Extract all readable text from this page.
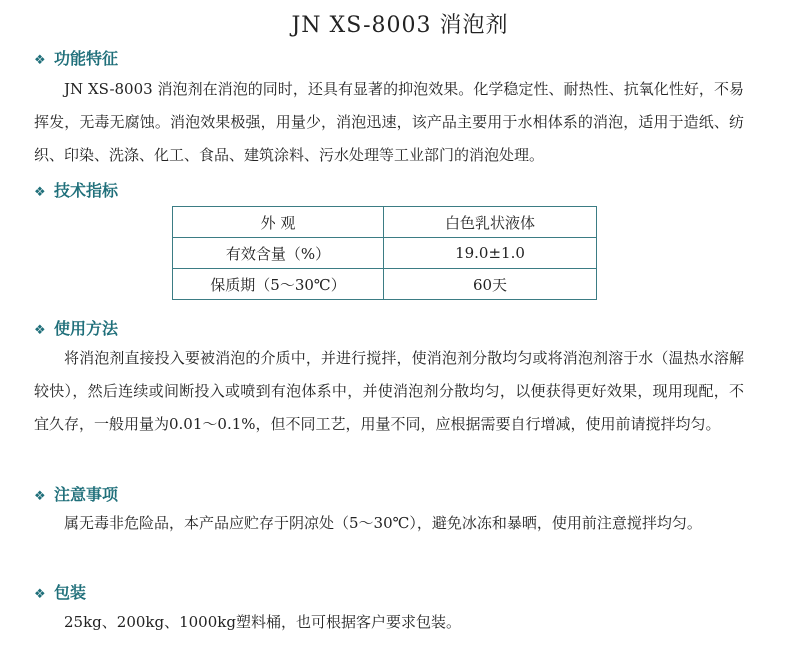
JN XS-8003 消泡剂
❖ 功能特征
JN XS-8003 消泡剂在消泡的同时，还具有显著的抑泡效果。化学稳定性、耐热性、抗氧化性好，不易挥发，无毒无腐蚀。消泡效果极强，用量少，消泡迅速，该产品主要用于水相体系的消泡，适用于造纸、纺织、印染、洗涤、化工、食品、建筑涂料、污水处理等工业部门的消泡处理。
❖ 技术指标
外 观	白色乳状液体
有效含量（%）	19.0±1.0
保质期（5～30℃）	60天
❖ 使用方法
将消泡剂直接投入要被消泡的介质中，并进行搅拌，使消泡剂分散均匀或将消泡剂溶于水（温热水溶解较快），然后连续或间断投入或喷到有泡体系中，并使消泡剂分散均匀，以便获得更好效果，现用现配，不宜久存，一般用量为0.01～0.1%，但不同工艺，用量不同，应根据需要自行增减，使用前请搅拌均匀。
❖ 注意事项
属无毒非危险品，本产品应贮存于阴凉处（5～30℃），避免冰冻和暴晒，使用前注意搅拌均匀。
❖ 包装
25kg、200kg、1000kg塑料桶，也可根据客户要求包装。
